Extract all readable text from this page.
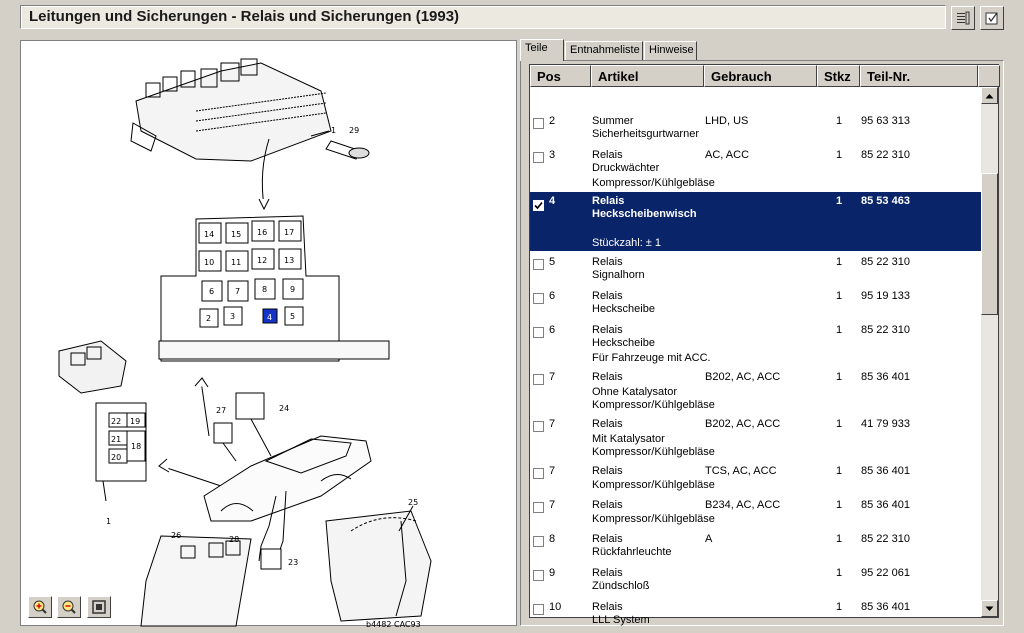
Leitungen und Sicherungen - Relais und Sicherungen (1993)
1 29
14 15 16 17
10 11 12 13
6	7	8	9
2 3	4 5
22 19
21
18
20
1
27	24
26	28
23
25
b4482 CAC93
Teile	Entnahmeliste Hinweise
Pos	Artikel	Gebrauch	Stkz	Teil-Nr.
2	Summer	LHD, US	1 95 63 313
Sicherheitsgurtwarner
3	Relais	AC, ACC	1 85 22 310
Druckwächter
Kompressor/Kühlgebläse
4	Relais	1 85 53 463
Heckscheibenwisch
Stückzahl: ± 1
5	Relais	1 85 22 310
Signalhorn
6	Relais	1 95 19 133
Heckscheibe
6	Relais	1 85 22 310
Heckscheibe
Für Fahrzeuge mit ACC.
7	Relais	B202, AC, ACC	1 85 36 401
Ohne Katalysator
Kompressor/Kühlgebläse
7	Relais	B202, AC, ACC	1 41 79 933
Mit Katalysator
Kompressor/Kühlgebläse
7	Relais	TCS, AC, ACC	1 85 36 401
Kompressor/Kühlgebläse
7	Relais	B234, AC, ACC	1 85 36 401
Kompressor/Kühlgebläse
8	Relais	A	1 85 22 310
Rückfahrleuchte
9	Relais	1 95 22 061
Zündschloß
10	Relais	1 85 36 401
LLL System
